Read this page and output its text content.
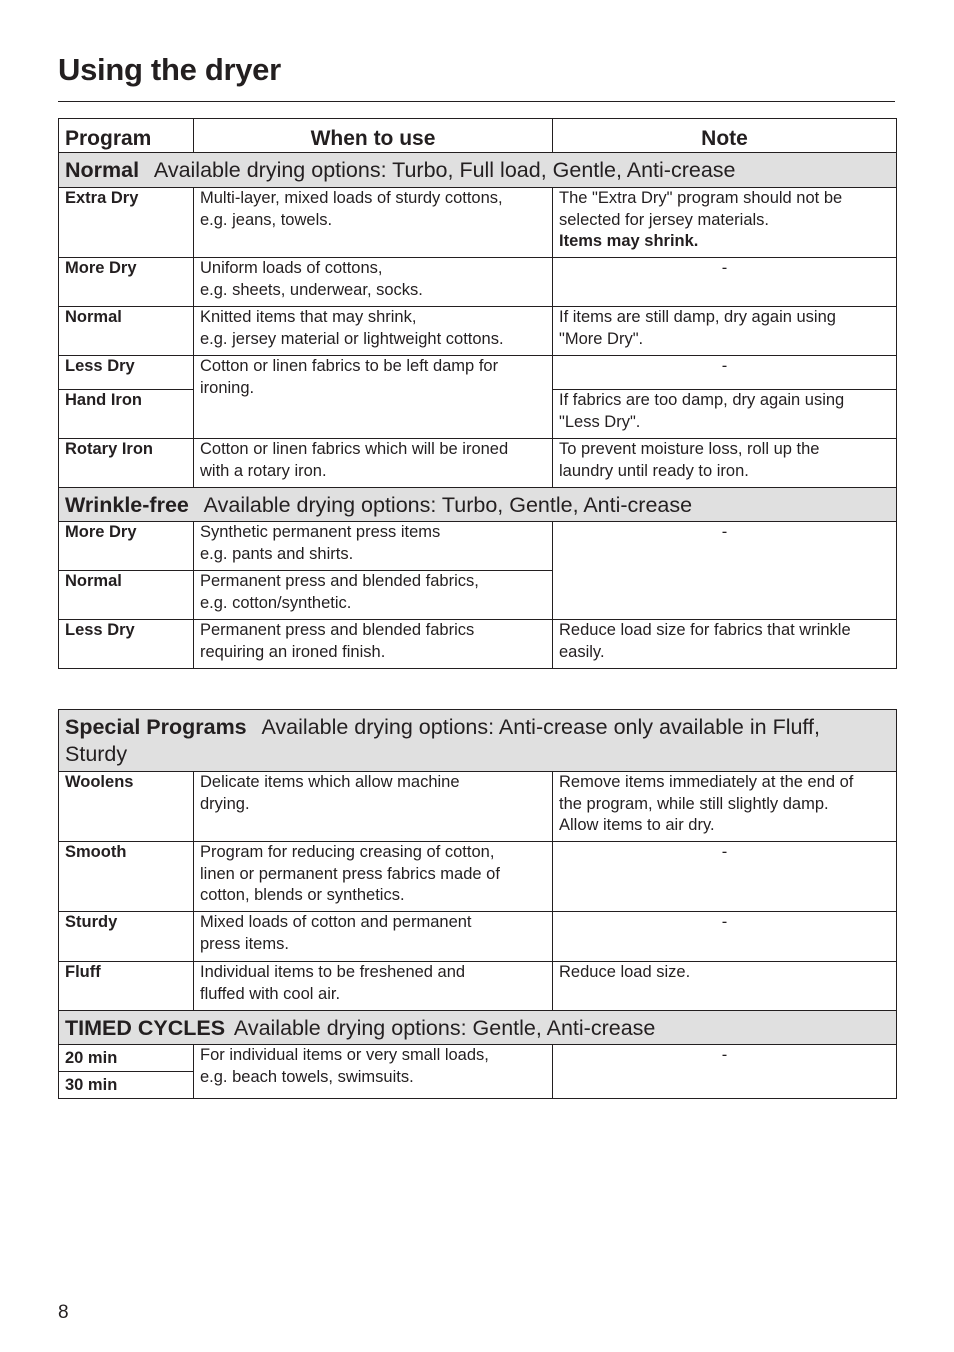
Using the dryer
Program	When to use	Note
Normal Available drying options: Turbo, Full load, Gentle, Anti-crease		
Extra Dry	Multi-layer, mixed loads of sturdy cottons,
e.g. jeans, towels.	The "Extra Dry" program should not be
selected for jersey materials.
Items may shrink.
More Dry	Uniform loads of cottons,
e.g. sheets, underwear, socks.	-
Normal	Knitted items that may shrink,
e.g. jersey material or lightweight cottons.	If items are still damp, dry again using
"More Dry".
Less Dry	Cotton or linen fabrics to be left damp for
ironing.	-
Hand Iron		If fabrics are too damp, dry again using
"Less Dry".
Rotary Iron	Cotton or linen fabrics which will be ironed
with a rotary iron.	To prevent moisture loss, roll up the
laundry until ready to iron.
Wrinkle-free Available drying options: Turbo, Gentle, Anti-crease		
More Dry	Synthetic permanent press items
e.g. pants and shirts.	-
Normal	Permanent press and blended fabrics,
e.g. cotton/synthetic.	
Less Dry	Permanent press and blended fabrics
requiring an ironed finish.	Reduce load size for fabrics that wrinkle
easily.
Special Programs Available drying options: Anti-crease only available in Fluff,
Sturdy		
Woolens	Delicate items which allow machine
drying.	Remove items immediately at the end of
the program, while still slightly damp.
Allow items to air dry.
Smooth	Program for reducing creasing of cotton,
linen or permanent press fabrics made of
cotton, blends or synthetics.	-
Sturdy	Mixed loads of cotton and permanent
press items.	-
Fluff	Individual items to be freshened and
fluffed with cool air.	Reduce load size.
TIMED CYCLES Available drying options: Gentle, Anti-crease		
20 min	For individual items or very small loads,
e.g. beach towels, swimsuits.	-
30 min		
8
